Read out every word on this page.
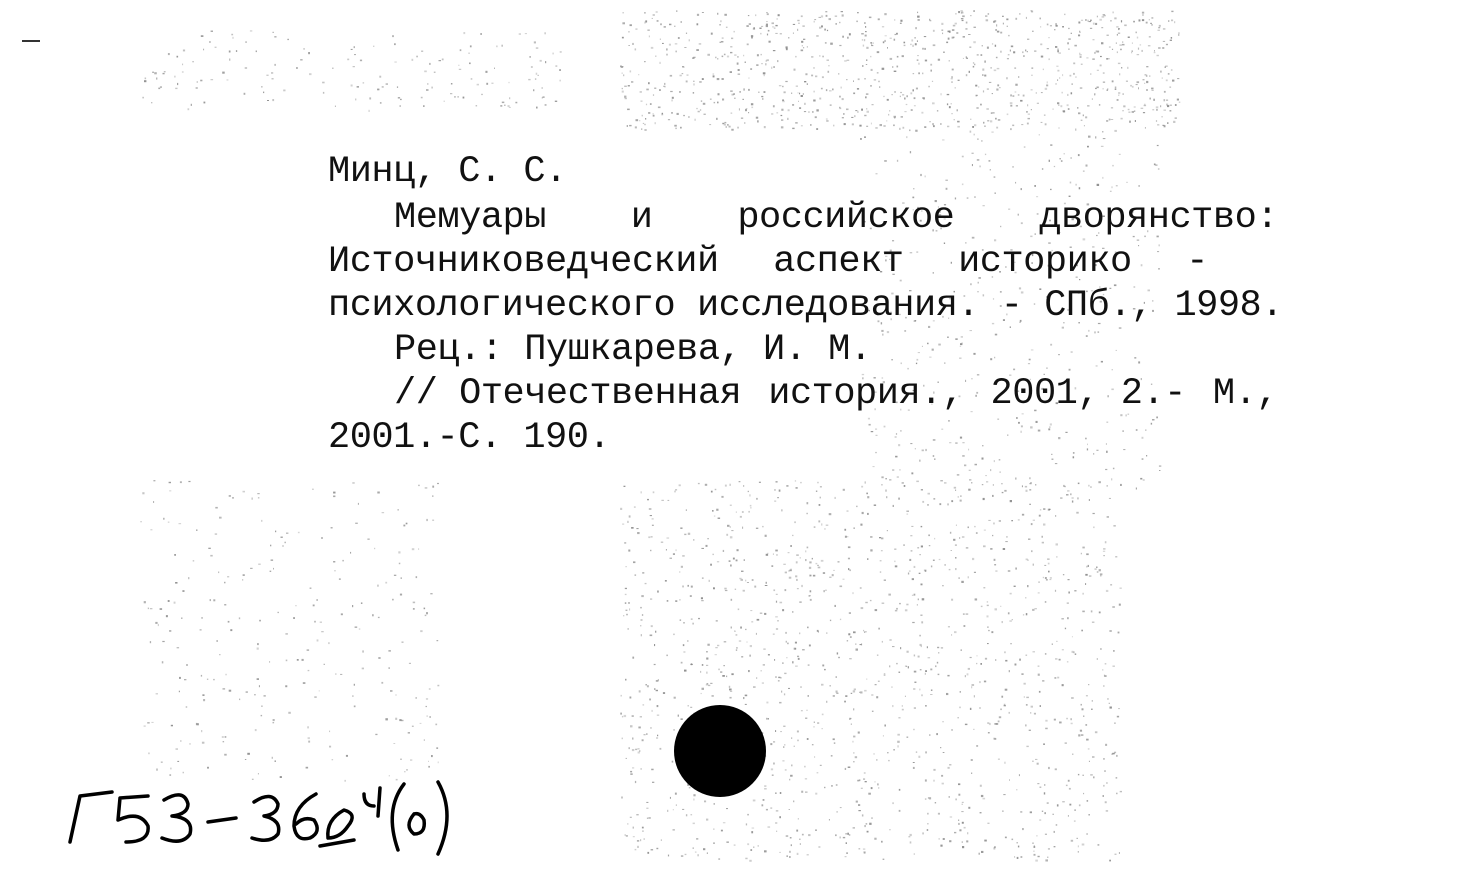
Минц, С. С.
Мемуары и российское дворянство:
Источниковедческий аспект историко -
психологического исследования. - СПб., 1998.
Рец.: Пушкарева, И. М.
// Отечественная история., 2001, 2.- М.,
2001.-С. 190.
